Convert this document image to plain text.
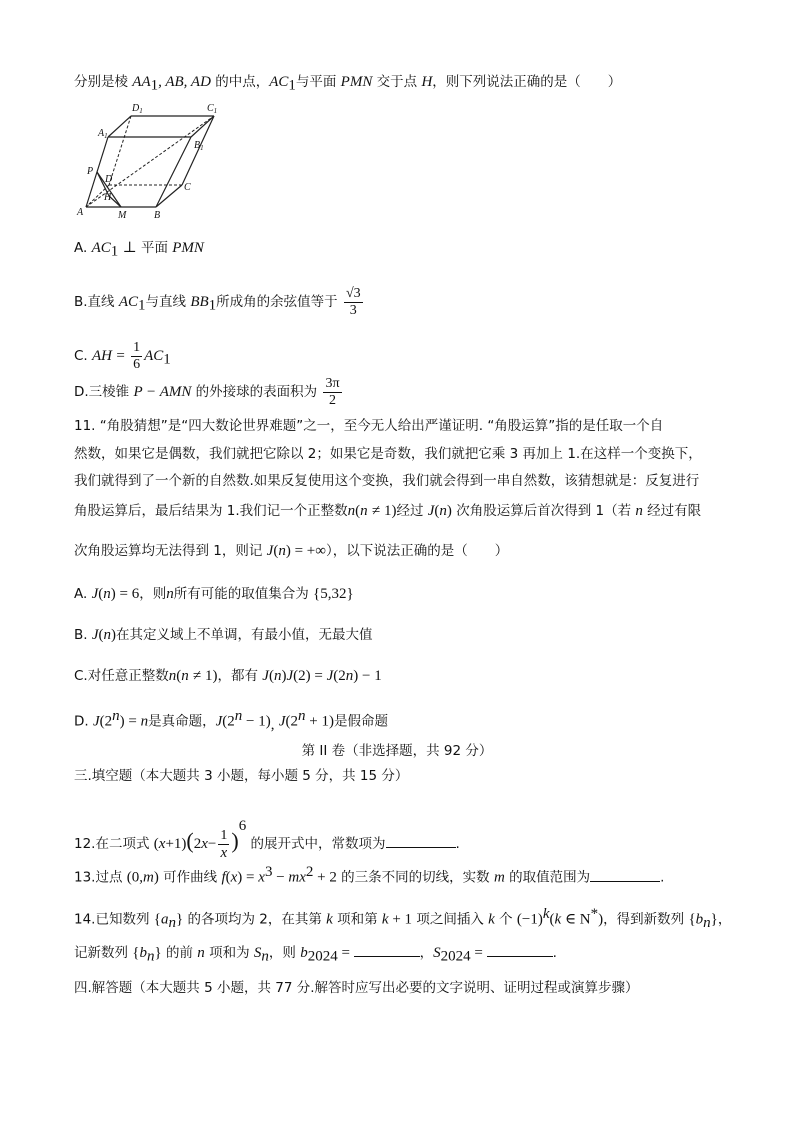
分别是棱 $AA_1$, AB, AD 的中点，$AC_1$与平面 PMN 交于点 H，则下列说法正确的是（　　）
$D_1$	$C_1$
$A_1$
$B_1$
P
D
H
C
A	M	B
A. $AC_1$ ⊥ 平面 PMN
B.直线 $AC_1$与直线 $BB_1$所成角的余弦值等于 $\frac{√3}{3}$
C. AH = $\frac{1}{6} AC_1$
D.三棱锥 P − AMN 的外接球的表面积为 $\frac{3\pi}{2}$
11. “角股猜想”是“四大数论世界难题”之一，至今无人给出严谨证明. “角股运算”指的是任取一个自
然数，如果它是偶数，我们就把它除以 2；如果它是奇数，我们就把它乘 3 再加上 1.在这样一个变换下，
我们就得到了一个新的自然数.如果反复使用这个变换，我们就会得到一串自然数，该猜想就是：反复进行
角股运算后，最后结果为 1.我们记一个正整数n(n ≠ 1)经过 J(n) 次角股运算后首次得到 1（若 n 经过有限
次角股运算均无法得到 1，则记 J(n) = +∞），以下说法正确的是（　　）
A. J(n) = 6，则n所有可能的取值集合为 {5,32}
B. J(n)在其定义域上不单调，有最小值，无最大值
C.对任意正整数n(n ≠ 1)，都有 J(n)J(2) = J(2n) − 1
D. $J(2^n) = n$是真命题，$J(2^n - 1)_,$ $J(2^n + 1)$是假命题
第 II 卷（非选择题，共 92 分）
三.填空题（本大题共 3 小题，每小题 5 分，共 15 分）
12.在二项式 $(x+1)(2x- \frac{1}{x} )^6$ 的展开式中，常数项为	.
13.过点 (0,m) 可作曲线 $f(x) = x^3 - mx^2 + 2$ 的三条不同的切线，实数 m 的取值范围为	.
14.已知数列 $\{a_n\}$ 的各项均为 2，在其第 k 项和第 k + 1 项之间插入 k 个 $(-1)^k(k$ ∈ N*)，得到新数列 $\{b_n\}$，
记新数列 $\{b_n\}$ 的前 n 项和为 $S_n$，则 $b_{2024}$ =	，$S_{2024}$ =	.
四.解答题（本大题共 5 小题，共 77 分.解答时应写出必要的文字说明、证明过程或演算步骤）
